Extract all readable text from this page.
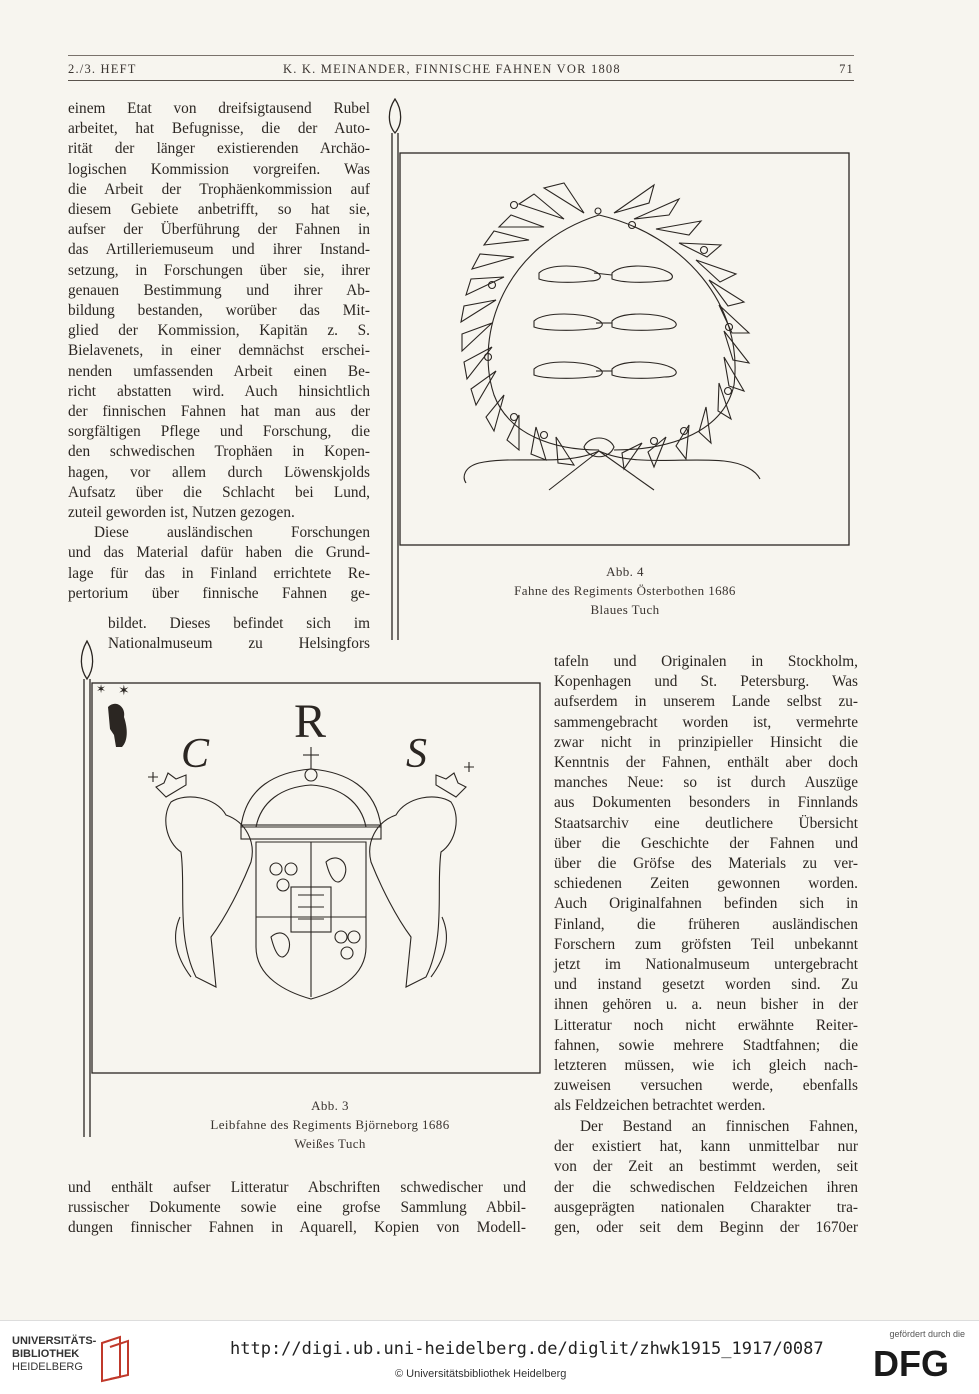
2./3. HEFT	K. K. MEINANDER, FINNISCHE FAHNEN VOR 1808	71
einem Etat von dreifsigtausend Rubel
arbeitet, hat Befugnisse, die der Auto-
rität der länger existierenden Archäo-
logischen Kommission vorgreifen. Was
die Arbeit der Trophäenkommission auf
diesem Gebiete anbetrifft, so hat sie,
aufser der Überführung der Fahnen in
das Artilleriemuseum und ihrer Instand-
setzung, in Forschungen über sie, ihrer
genauen Bestimmung und ihrer Ab-
bildung bestanden, worüber das Mit-
glied der Kommission, Kapitän z. S.
Bielavenets, in einer demnächst erschei-
nenden umfassenden Arbeit einen Be-
richt abstatten wird. Auch hinsichtlich
der finnischen Fahnen hat man aus der
sorgfältigen Pflege und Forschung, die
den schwedischen Trophäen in Kopen-
hagen, vor allem durch Löwenskjolds
Aufsatz über die Schlacht bei Lund,
zuteil geworden ist, Nutzen gezogen.
Diese ausländischen Forschungen
und das Material dafür haben die Grund-
lage für das in Finland errichtete Re-
pertorium über finnische Fahnen ge-
bildet. Dieses befindet sich im
Nationalmuseum zu Helsingfors
tafeln und Originalen in Stockholm,
Kopenhagen und St. Petersburg. Was
aufserdem in unserem Lande selbst zu-
sammengebracht worden ist, vermehrte
zwar nicht in prinzipieller Hinsicht die
Kenntnis der Fahnen, enthält aber doch
manches Neue: so ist durch Auszüge
aus Dokumenten besonders in Finnlands
Staatsarchiv eine deutlichere Übersicht
über die Geschichte der Fahnen und
über die Gröfse des Materials zu ver-
schiedenen Zeiten gewonnen worden.
Auch Originalfahnen befinden sich in
Finland, die früheren ausländischen
Forschern zum gröfsten Teil unbekannt
jetzt im Nationalmuseum untergebracht
und instand gesetzt worden sind. Zu
ihnen gehören u. a. neun bisher in der
Litteratur noch nicht erwähnte Reiter-
fahnen, sowie mehrere Stadtfahnen; die
letzteren müssen, wie ich gleich nach-
zuweisen versuchen werde, ebenfalls
als Feldzeichen betrachtet werden.
Der Bestand an finnischen Fahnen,
der existiert hat, kann unmittelbar nur
von der Zeit an bestimmt werden, seit
der die schwedischen Feldzeichen ihren
ausgeprägten nationalen Charakter tra-
gen, oder seit dem Beginn der 1670er
und enthält aufser Litteratur Abschriften schwedischer und
russischer Dokumente sowie eine grofse Sammlung Abbil-
dungen finnischer Fahnen in Aquarell, Kopien von Modell-
Abb. 4
Fahne des Regiments Österbothen 1686
Blaues Tuch
✶
✶
C
R
S
Abb. 3
Leibfahne des Regiments Björneborg 1686
Weißes Tuch
UNIVERSITÄTS-
BIBLIOTHEK
HEIDELBERG
http://digi.ub.uni-heidelberg.de/diglit/zhwk1915_1917/0087
© Universitätsbibliothek Heidelberg
gefördert durch die
DFG
